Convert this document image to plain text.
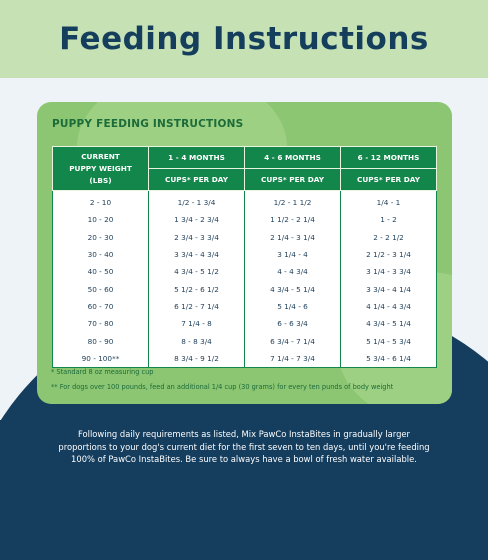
Feeding Instructions
PUPPY FEEDING INSTRUCTIONS
CURRENT PUPPY WEIGHT (LBS)	1 - 4 MONTHS	4 - 6 MONTHS	6 - 12 MONTHS
	CUPS* PER DAY	CUPS* PER DAY	CUPS* PER DAY
2 - 10	1/2 - 1 3/4	1/2 - 1 1/2	1/4 - 1
10 - 20	1 3/4 - 2 3/4	1 1/2 - 2 1/4	1 - 2
20 - 30	2 3/4 - 3 3/4	2 1/4 - 3 1/4	2 - 2 1/2
30 - 40	3 3/4 - 4 3/4	3 1/4 - 4	2 1/2 - 3 1/4
40 - 50	4 3/4 - 5 1/2	4 - 4 3/4	3 1/4 - 3 3/4
50 - 60	5 1/2 - 6 1/2	4 3/4 - 5 1/4	3 3/4 - 4 1/4
60 - 70	6 1/2 - 7 1/4	5 1/4 - 6	4 1/4 - 4 3/4
70 - 80	7 1/4 - 8	6 - 6 3/4	4 3/4 - 5 1/4
80 - 90	8 - 8 3/4	6 3/4 - 7 1/4	5 1/4 - 5 3/4
90 - 100**	8 3/4 - 9 1/2	7 1/4 - 7 3/4	5 3/4 - 6 1/4
* Standard 8 oz measuring cup
** For dogs over 100 pounds, feed an additional 1/4 cup (30 grams) for every ten punds of body weight

Following daily requirements as listed, Mix PawCo InstaBites in gradually larger
proportions to your dog's current diet for the first seven to ten days, until you're feeding
100% of PawCo InstaBites. Be sure to always have a bowl of fresh water available.
